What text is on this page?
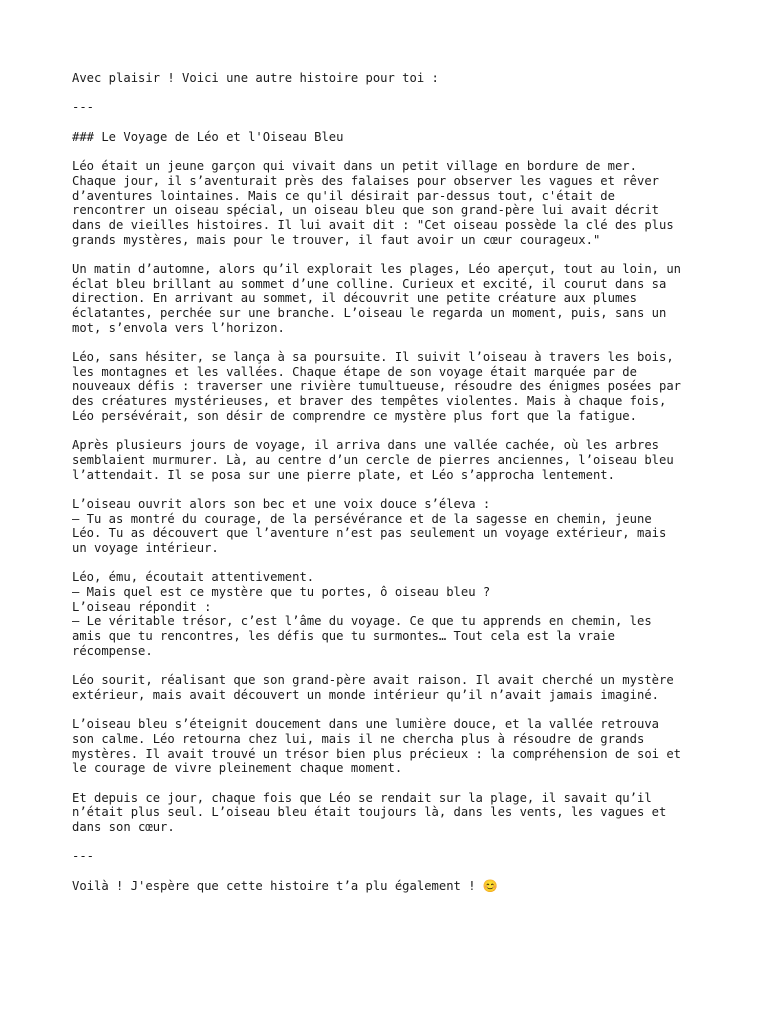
Avec plaisir ! Voici une autre histoire pour toi :
---
### Le Voyage de Léo et l'Oiseau Bleu
Léo était un jeune garçon qui vivait dans un petit village en bordure de mer.
Chaque jour, il s’aventurait près des falaises pour observer les vagues et rêver
d’aventures lointaines. Mais ce qu'il désirait par-dessus tout, c'était de
rencontrer un oiseau spécial, un oiseau bleu que son grand-père lui avait décrit
dans de vieilles histoires. Il lui avait dit : "Cet oiseau possède la clé des plus
grands mystères, mais pour le trouver, il faut avoir un cœur courageux."
Un matin d’automne, alors qu’il explorait les plages, Léo aperçut, tout au loin, un
éclat bleu brillant au sommet d’une colline. Curieux et excité, il courut dans sa
direction. En arrivant au sommet, il découvrit une petite créature aux plumes
éclatantes, perchée sur une branche. L’oiseau le regarda un moment, puis, sans un
mot, s’envola vers l’horizon.
Léo, sans hésiter, se lança à sa poursuite. Il suivit l’oiseau à travers les bois,
les montagnes et les vallées. Chaque étape de son voyage était marquée par de
nouveaux défis : traverser une rivière tumultueuse, résoudre des énigmes posées par
des créatures mystérieuses, et braver des tempêtes violentes. Mais à chaque fois,
Léo persévérait, son désir de comprendre ce mystère plus fort que la fatigue.
Après plusieurs jours de voyage, il arriva dans une vallée cachée, où les arbres
semblaient murmurer. Là, au centre d’un cercle de pierres anciennes, l’oiseau bleu
l’attendait. Il se posa sur une pierre plate, et Léo s’approcha lentement.
L’oiseau ouvrit alors son bec et une voix douce s’éleva :
– Tu as montré du courage, de la persévérance et de la sagesse en chemin, jeune
Léo. Tu as découvert que l’aventure n’est pas seulement un voyage extérieur, mais
un voyage intérieur.
Léo, ému, écoutait attentivement.
– Mais quel est ce mystère que tu portes, ô oiseau bleu ?
L’oiseau répondit :
– Le véritable trésor, c’est l’âme du voyage. Ce que tu apprends en chemin, les
amis que tu rencontres, les défis que tu surmontes… Tout cela est la vraie
récompense.
Léo sourit, réalisant que son grand-père avait raison. Il avait cherché un mystère
extérieur, mais avait découvert un monde intérieur qu’il n’avait jamais imaginé.
L’oiseau bleu s’éteignit doucement dans une lumière douce, et la vallée retrouva
son calme. Léo retourna chez lui, mais il ne chercha plus à résoudre de grands
mystères. Il avait trouvé un trésor bien plus précieux : la compréhension de soi et
le courage de vivre pleinement chaque moment.
Et depuis ce jour, chaque fois que Léo se rendait sur la plage, il savait qu’il
n’était plus seul. L’oiseau bleu était toujours là, dans les vents, les vagues et
dans son cœur.
---
Voilà ! J'espère que cette histoire t’a plu également ! 😊
